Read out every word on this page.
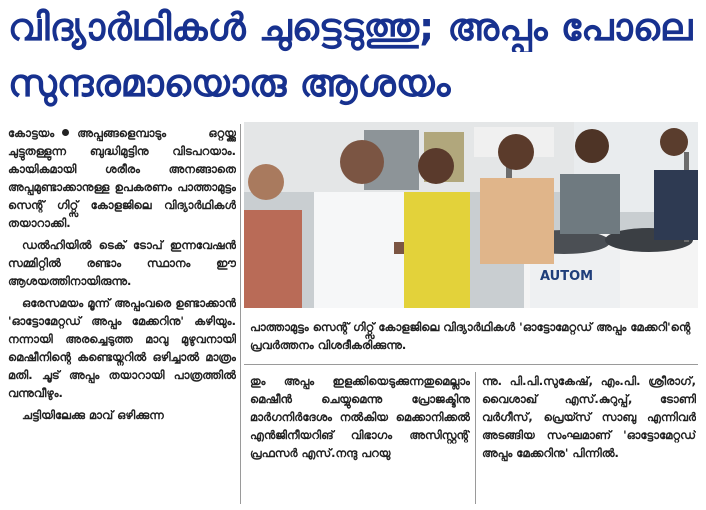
വിദ്യാർഥികൾ ചുട്ടെടുത്തു; അപ്പം പോലെ
സുന്ദരമായൊരു ആശയം

കോട്ടയം അപ്പങ്ങളെമ്പാടും ഒറ്റയ്ക്കു ചുട്ടുതള്ളുന്ന ബുദ്ധിമുട്ടിനു വിടപറയാം. കായികമായി ശരീരം അനങ്ങാതെ അപ്പമുണ്ടാക്കാനുള്ള ഉപകരണം പാത്താമുട്ടം സെന്റ് ഗിറ്റ്സ് കോളജിലെ വിദ്യാർഥികൾ തയാറാക്കി.

ഡൽഹിയിൽ ടെക് ടോപ് ഇന്നവേഷൻ സമ്മിറ്റിൽ രണ്ടാം സ്ഥാനം ഈ ആശയത്തിനായിരുന്നു.

ഒരേസമയം മൂന്ന് അപ്പംവരെ ഉണ്ടാക്കാൻ 'ഓട്ടോമേറ്റഡ് അപ്പം മേക്കറിനു' കഴിയും. നന്നായി അരച്ചെടുത്ത മാവു മുഴുവനായി മെഷീനിന്റെ കണ്ടെയ്നറിൽ ഒഴിച്ചാൽ മാത്രം മതി. ചൂട് അപ്പം തയാറായി പാത്രത്തിൽ വന്നുവീഴും.

ചട്ടിയിലേക്കു മാവ് ഒഴിക്കുന്ന

AUTOM
പാത്താമുട്ടം സെന്റ് ഗിറ്റ്സ് കോളജിലെ വിദ്യാർഥികൾ 'ഓട്ടോമേറ്റഡ് അപ്പം മേക്കറി'ന്റെ പ്രവർത്തനം വിശദീകരിക്കുന്നു.

തും അപ്പം ഇളക്കിയെടുക്കുന്നതുമെല്ലാം മെഷീൻ ചെയ്യുമെന്നു പ്രോജക്ടിനു മാർഗനിർദേശം നൽകിയ മെക്കാനിക്കൽ എൻജിനീയറിങ് വിഭാഗം അസിസ്റ്റന്റ് പ്രഫസർ എസ്.നന്ദു പറയു

ന്നു. പി.പി.സുകേഷ്, എം.പി. ശ്രീരാഗ്, വൈശാഖ് എസ്.കുറുപ്പ്, ടോണി വർഗീസ്, പ്രെയ്സ് സാബു എന്നിവർ അടങ്ങിയ സംഘമാണ് 'ഓട്ടോമേറ്റഡ് അപ്പം മേക്കറിനു' പിന്നിൽ.
